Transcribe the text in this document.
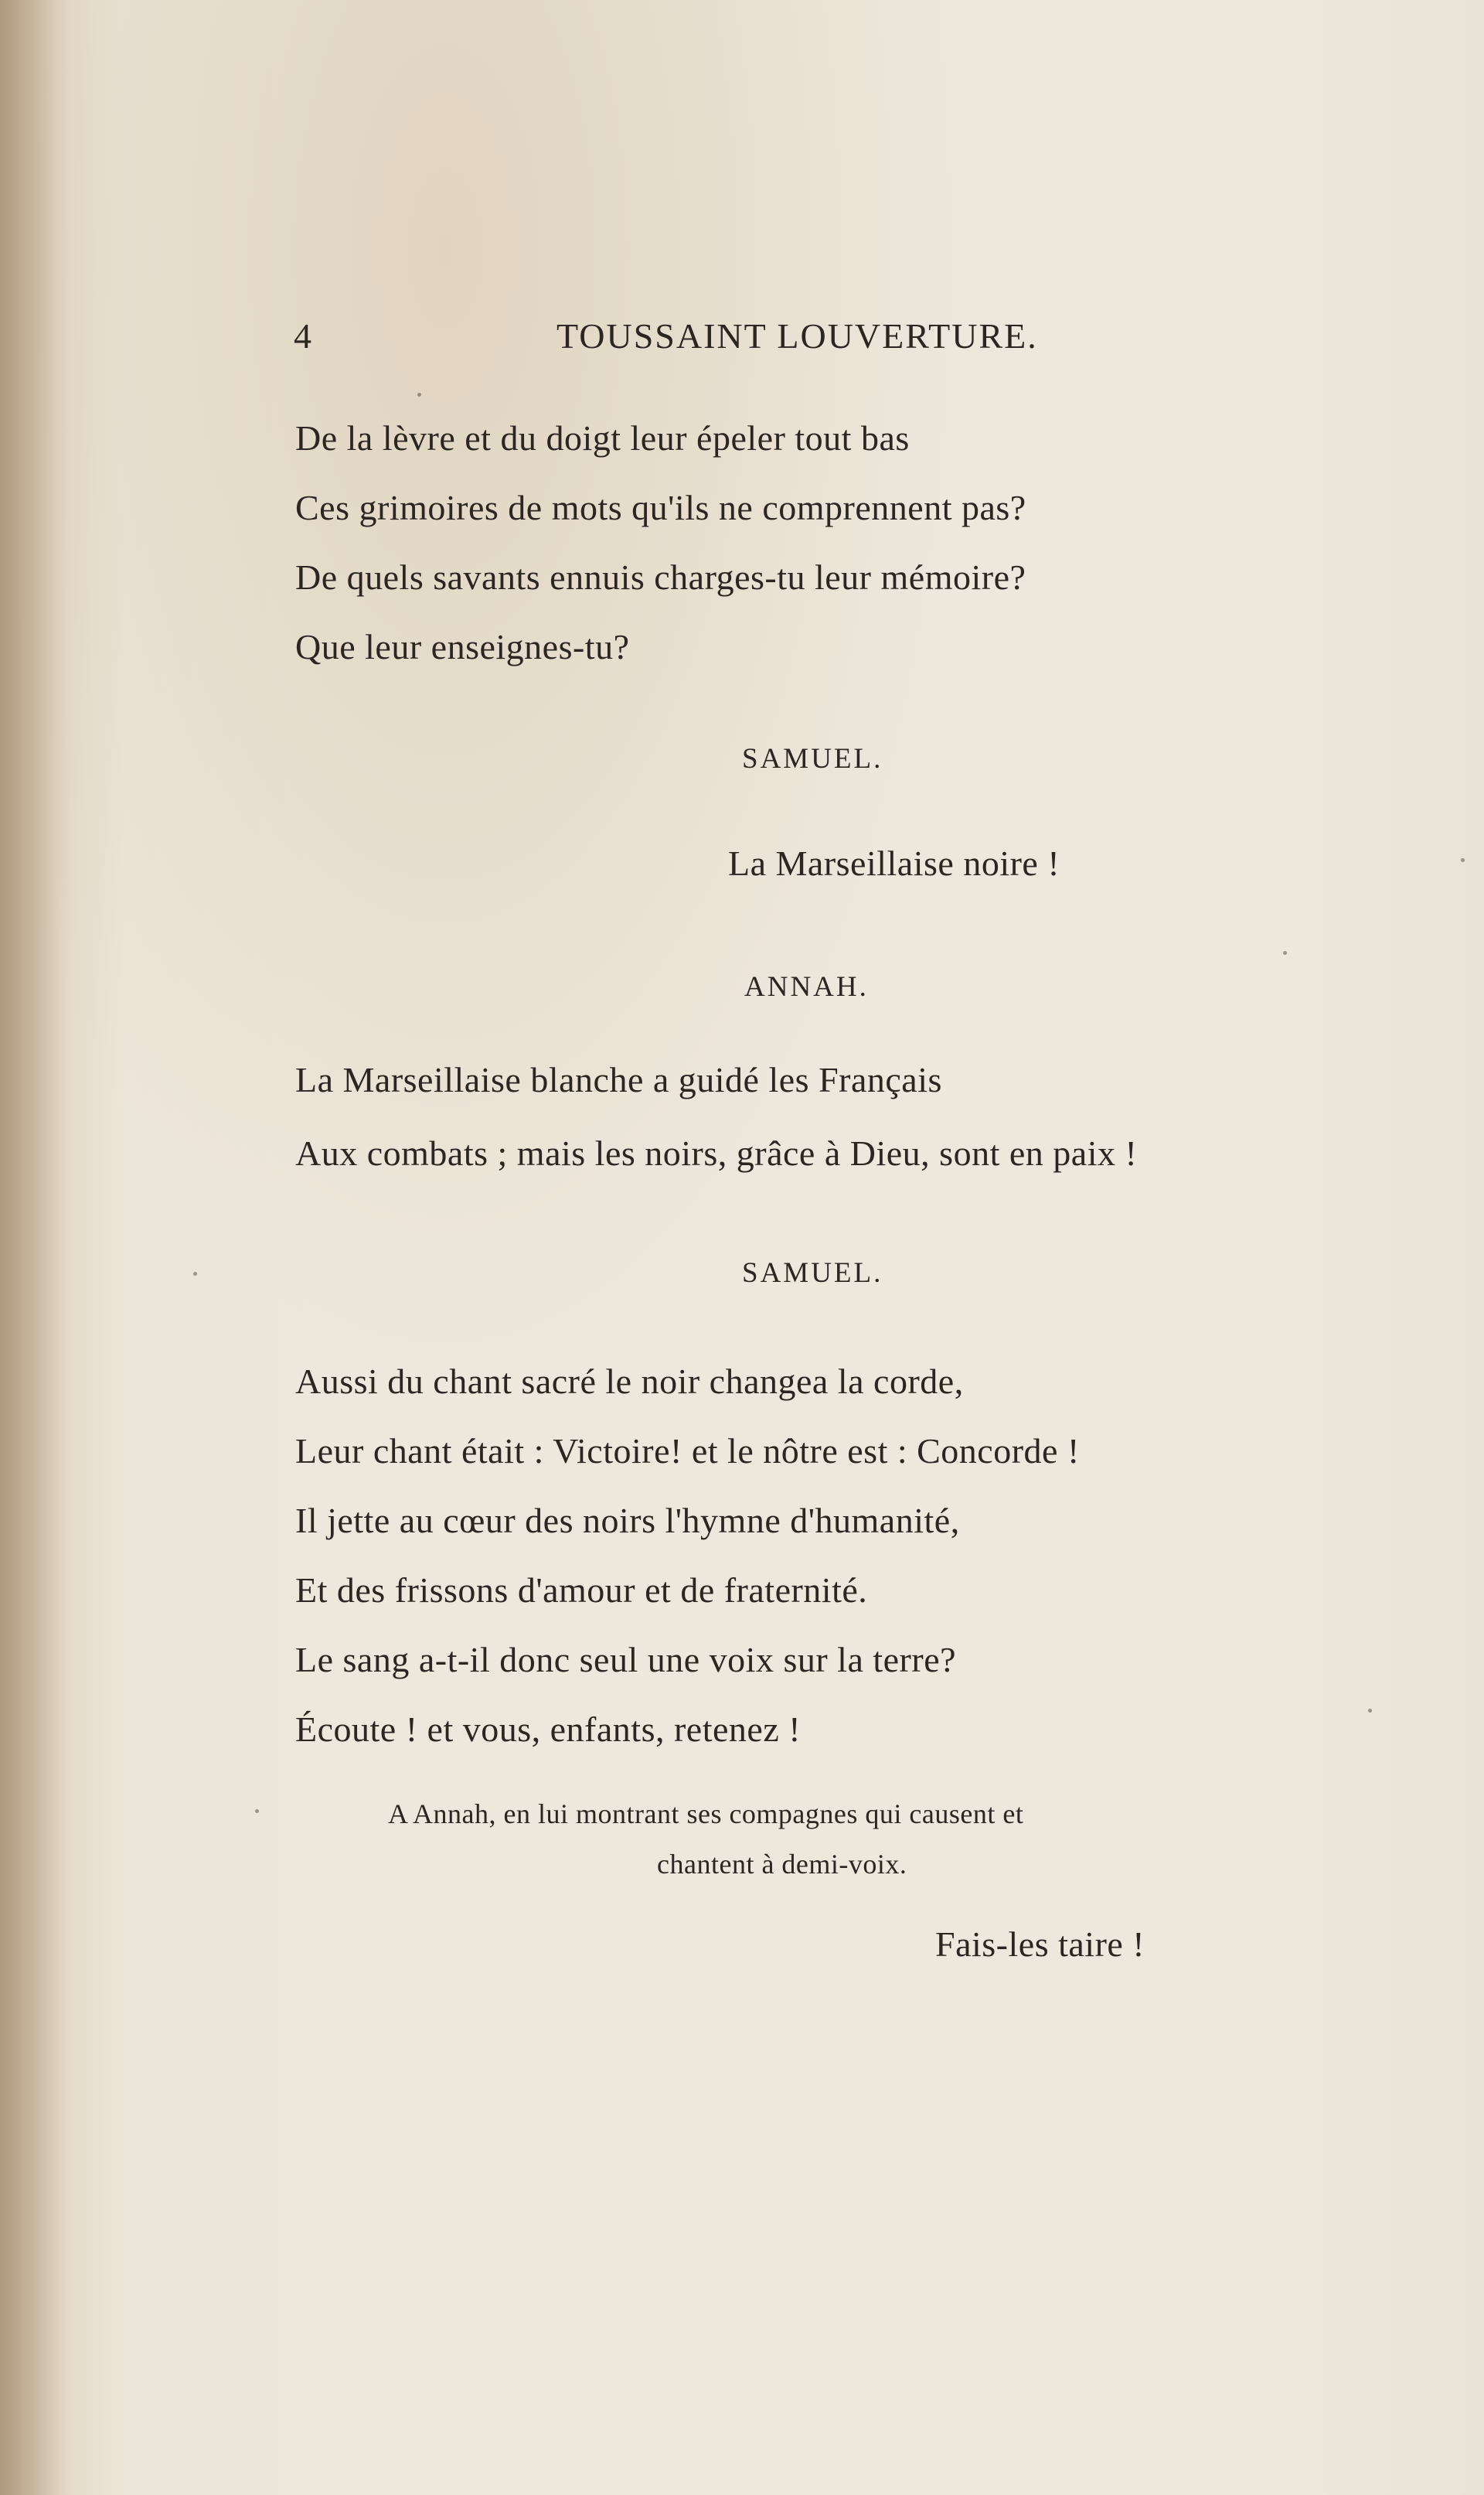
4	TOUSSAINT LOUVERTURE.
De la lèvre et du doigt leur épeler tout bas
Ces grimoires de mots qu'ils ne comprennent pas?
De quels savants ennuis charges-tu leur mémoire?
Que leur enseignes-tu?
SAMUEL.
La Marseillaise noire !
ANNAH.
La Marseillaise blanche a guidé les Français
Aux combats ; mais les noirs, grâce à Dieu, sont en paix !
SAMUEL.
Aussi du chant sacré le noir changea la corde,
Leur chant était : Victoire! et le nôtre est : Concorde !
Il jette au cœur des noirs l'hymne d'humanité,
Et des frissons d'amour et de fraternité.
Le sang a-t-il donc seul une voix sur la terre?
Écoute ! et vous, enfants, retenez !
A Annah, en lui montrant ses compagnes qui causent et
chantent à demi-voix.
Fais-les taire !
